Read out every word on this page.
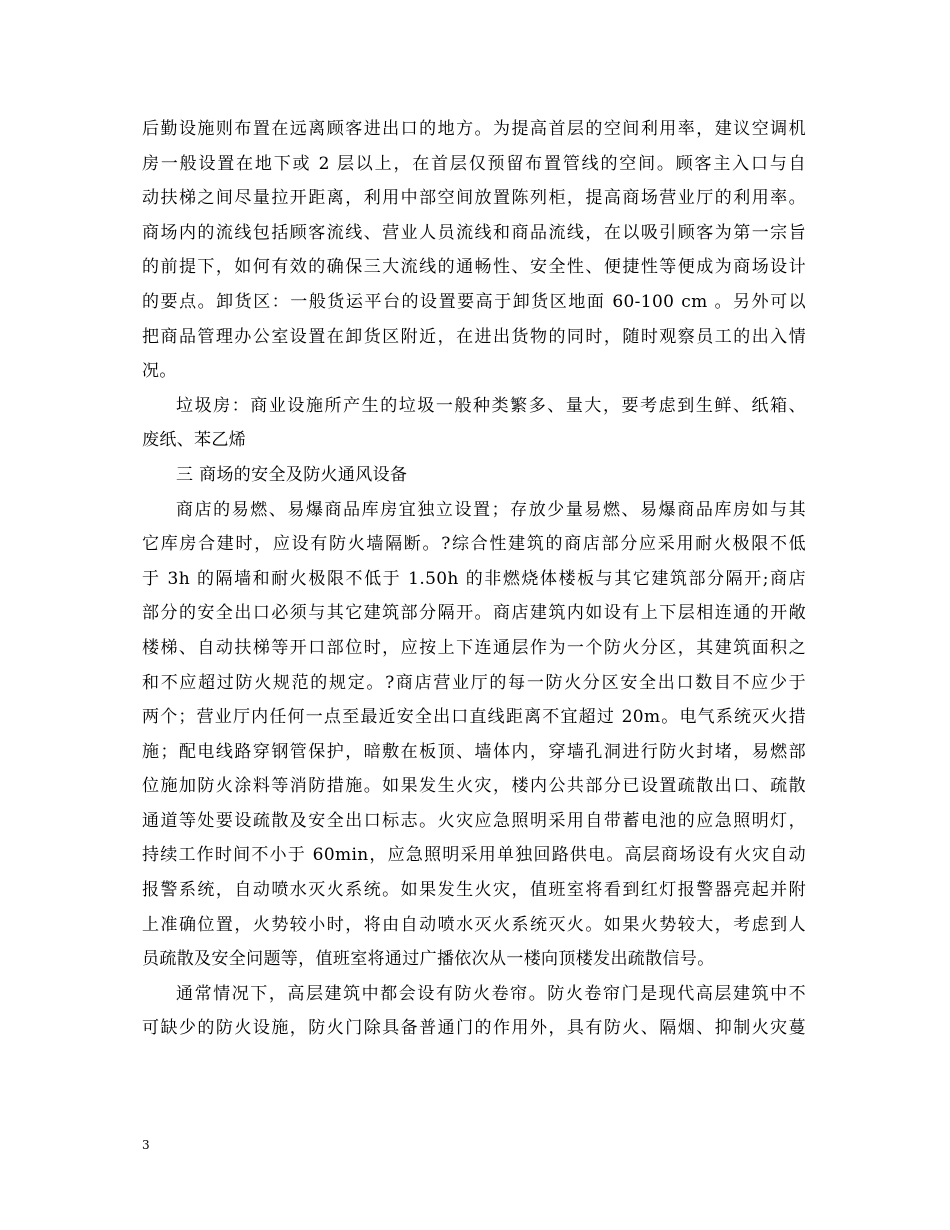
后勤设施则布置在远离顾客进出口的地方。为提高首层的空间利用率，建议空调机
房一般设置在地下或 2 层以上，在首层仅预留布置管线的空间。顾客主入口与自
动扶梯之间尽量拉开距离，利用中部空间放置陈列柜，提高商场营业厅的利用率。
商场内的流线包括顾客流线、营业人员流线和商品流线，在以吸引顾客为第一宗旨
的前提下，如何有效的确保三大流线的通畅性、安全性、便捷性等便成为商场设计
的要点。卸货区：一般货运平台的设置要高于卸货区地面 60-100 cm 。另外可以
把商品管理办公室设置在卸货区附近，在进出货物的同时，随时观察员工的出入情
况。
垃圾房：商业设施所产生的垃圾一般种类繁多、量大，要考虑到生鲜、纸箱、
废纸、苯乙烯
三 商场的安全及防火通风设备
商店的易燃、易爆商品库房宜独立设置；存放少量易燃、易爆商品库房如与其
它库房合建时，应设有防火墙隔断。?综合性建筑的商店部分应采用耐火极限不低
于 3h 的隔墙和耐火极限不低于 1.50h 的非燃烧体楼板与其它建筑部分隔开;商店
部分的安全出口必须与其它建筑部分隔开。商店建筑内如设有上下层相连通的开敞
楼梯、自动扶梯等开口部位时，应按上下连通层作为一个防火分区，其建筑面积之
和不应超过防火规范的规定。?商店营业厅的每一防火分区安全出口数目不应少于
两个；营业厅内任何一点至最近安全出口直线距离不宜超过 20m。电气系统灭火措
施；配电线路穿钢管保护，暗敷在板顶、墙体内，穿墙孔洞进行防火封堵，易燃部
位施加防火涂料等消防措施。如果发生火灾，楼内公共部分已设置疏散出口、疏散
通道等处要设疏散及安全出口标志。火灾应急照明采用自带蓄电池的应急照明灯，
持续工作时间不小于 60min，应急照明采用单独回路供电。高层商场设有火灾自动
报警系统，自动喷水灭火系统。如果发生火灾，值班室将看到红灯报警器亮起并附
上准确位置，火势较小时，将由自动喷水灭火系统灭火。如果火势较大，考虑到人
员疏散及安全问题等，值班室将通过广播依次从一楼向顶楼发出疏散信号。
通常情况下，高层建筑中都会设有防火卷帘。防火卷帘门是现代高层建筑中不
可缺少的防火设施，防火门除具备普通门的作用外，具有防火、隔烟、抑制火灾蔓
3
